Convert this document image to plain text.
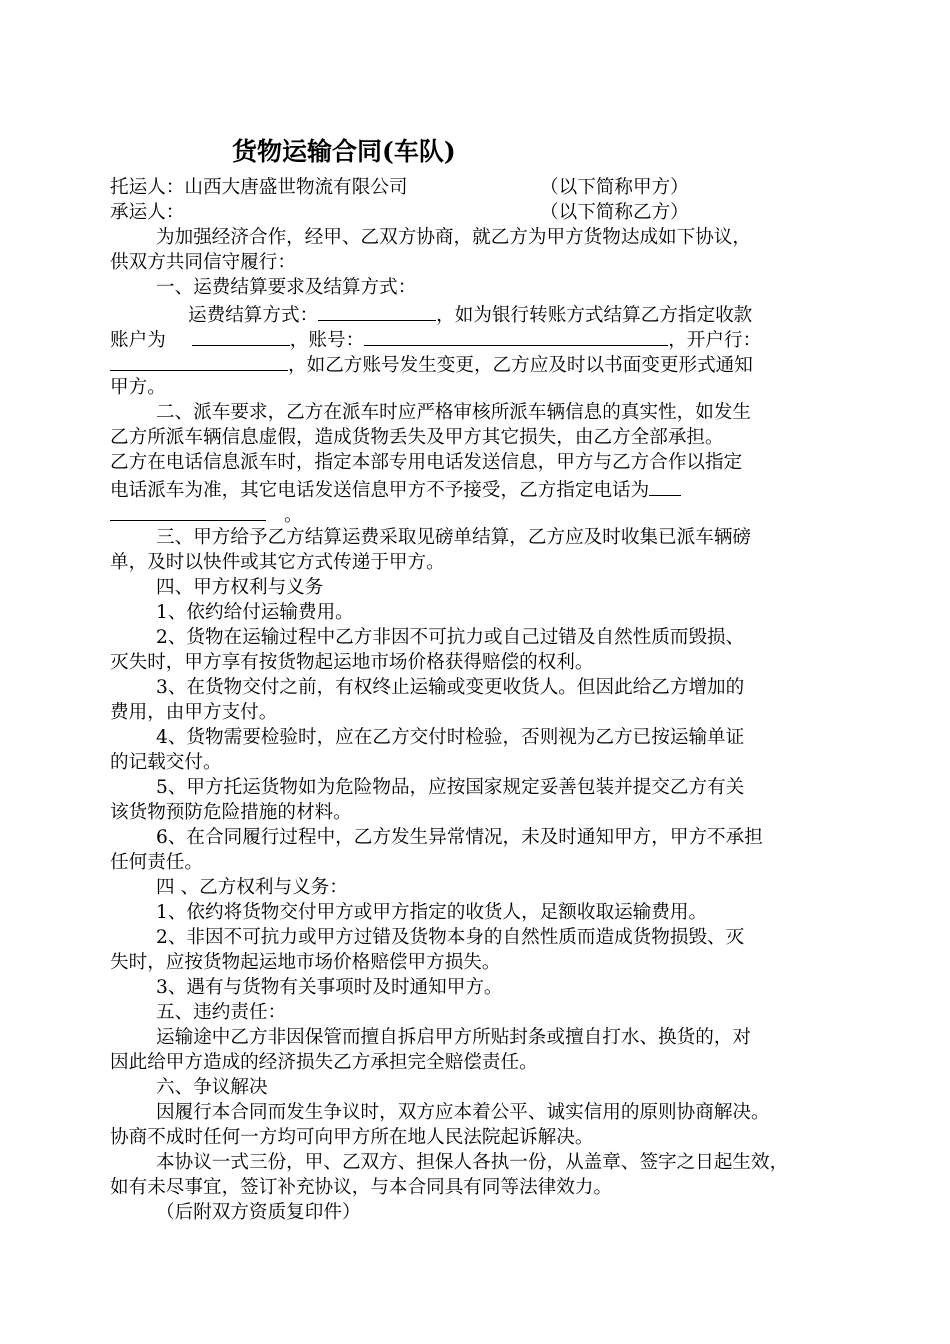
货物运输合同(车队)
托运人：山西大唐盛世物流有限公司	（以下简称甲方）
承运人：	（以下简称乙方）
为加强经济合作，经甲、乙双方协商，就乙方为甲方货物达成如下协议，
供双方共同信守履行：
一、运费结算要求及结算方式：
运费结算方式：	，如为银行转账方式结算乙方指定收款
账户为	，账号：	，开户行：
，如乙方账号发生变更，乙方应及时以书面变更形式通知
甲方。
二、派车要求，乙方在派车时应严格审核所派车辆信息的真实性，如发生
乙方所派车辆信息虚假，造成货物丢失及甲方其它损失，由乙方全部承担。
乙方在电话信息派车时，指定本部专用电话发送信息，甲方与乙方合作以指定
电话派车为准，其它电话发送信息甲方不予接受，乙方指定电话为
。
三、甲方给予乙方结算运费采取见磅单结算，乙方应及时收集已派车辆磅
单，及时以快件或其它方式传递于甲方。
四、甲方权利与义务
1、依约给付运输费用。
2、货物在运输过程中乙方非因不可抗力或自己过错及自然性质而毁损、
灭失时，甲方享有按货物起运地市场价格获得赔偿的权利。
3、在货物交付之前，有权终止运输或变更收货人。但因此给乙方增加的
费用，由甲方支付。
4、货物需要检验时，应在乙方交付时检验，否则视为乙方已按运输单证
的记载交付。
5、甲方托运货物如为危险物品，应按国家规定妥善包装并提交乙方有关
该货物预防危险措施的材料。
6、在合同履行过程中，乙方发生异常情况，未及时通知甲方，甲方不承担
任何责任。
四 、乙方权利与义务：
1、依约将货物交付甲方或甲方指定的收货人，足额收取运输费用。
2、非因不可抗力或甲方过错及货物本身的自然性质而造成货物损毁、灭
失时，应按货物起运地市场价格赔偿甲方损失。
3、遇有与货物有关事项时及时通知甲方。
五、违约责任：
运输途中乙方非因保管而擅自拆启甲方所贴封条或擅自打水、换货的，对
因此给甲方造成的经济损失乙方承担完全赔偿责任。
六、争议解决
因履行本合同而发生争议时，双方应本着公平、诚实信用的原则协商解决。
协商不成时任何一方均可向甲方所在地人民法院起诉解决。
本协议一式三份，甲、乙双方、担保人各执一份，从盖章、签字之日起生效，
如有未尽事宜，签订补充协议，与本合同具有同等法律效力。
（后附双方资质复印件）
